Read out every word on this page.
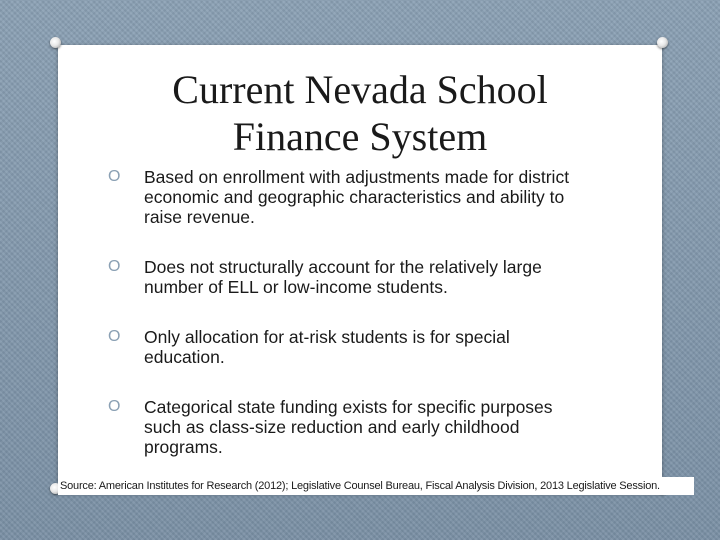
Current Nevada School
Finance System
O Based on enrollment with adjustments made for district economic and geographic characteristics and ability to raise revenue.
O Does not structurally account for the relatively large number of ELL or low-income students.
O Only allocation for at-risk students is for special education.
O Categorical state funding exists for specific purposes such as class-size reduction and early childhood programs.
Source: American Institutes for Research (2012); Legislative Counsel Bureau, Fiscal Analysis Division, 2013 Legislative Session.
